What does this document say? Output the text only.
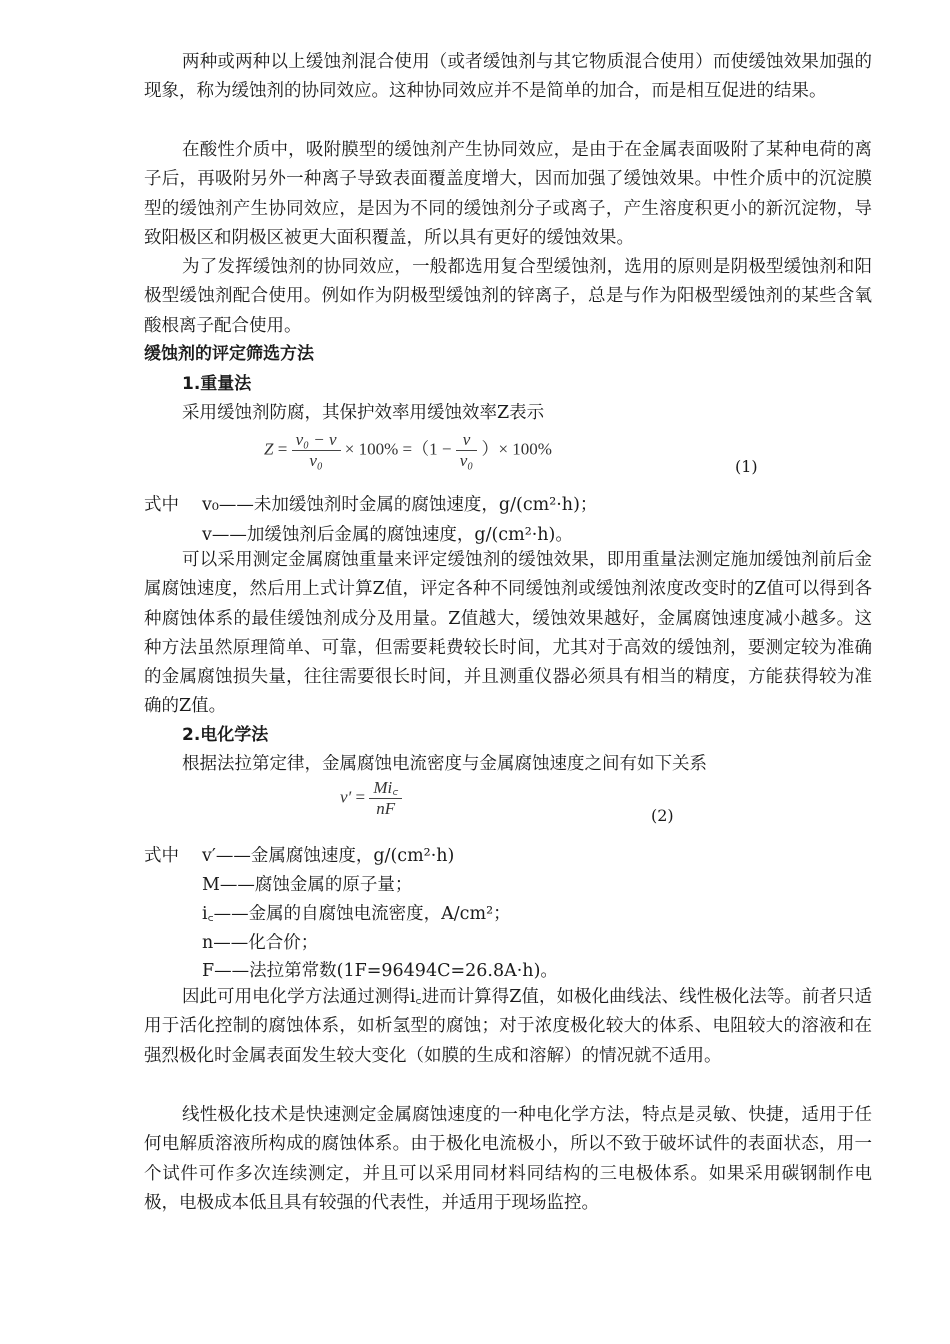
两种或两种以上缓蚀剂混合使用（或者缓蚀剂与其它物质混合使用）而使缓蚀效果加强的现象，称为缓蚀剂的协同效应。这种协同效应并不是简单的加合，而是相互促进的结果。
在酸性介质中，吸附膜型的缓蚀剂产生协同效应，是由于在金属表面吸附了某种电荷的离子后，再吸附另外一种离子导致表面覆盖度增大，因而加强了缓蚀效果。中性介质中的沉淀膜型的缓蚀剂产生协同效应，是因为不同的缓蚀剂分子或离子，产生溶度积更小的新沉淀物，导致阳极区和阴极区被更大面积覆盖，所以具有更好的缓蚀效果。
为了发挥缓蚀剂的协同效应，一般都选用复合型缓蚀剂，选用的原则是阴极型缓蚀剂和阳极型缓蚀剂配合使用。例如作为阴极型缓蚀剂的锌离子，总是与作为阳极型缓蚀剂的某些含氧酸根离子配合使用。
缓蚀剂的评定筛选方法
1.重量法
采用缓蚀剂防腐，其保护效率用缓蚀效率Z表示
$Z = \frac{\text{v₀ − v}}{\text{v₀}} \times 100\% =(1 - \frac{v}{\text{v₀}}$ ）× 100%
(1)
式中 v₀——未加缓蚀剂时金属的腐蚀速度，g/(cm²·h)；
v——加缓蚀剂后金属的腐蚀速度，g/(cm²·h)。
可以采用测定金属腐蚀重量来评定缓蚀剂的缓蚀效果，即用重量法测定施加缓蚀剂前后金属腐蚀速度，然后用上式计算Z值，评定各种不同缓蚀剂或缓蚀剂浓度改变时的Z值可以得到各种腐蚀体系的最佳缓蚀剂成分及用量。Z值越大，缓蚀效果越好，金属腐蚀速度减小越多。这种方法虽然原理简单、可靠，但需要耗费较长时间，尤其对于高效的缓蚀剂，要测定较为准确的金属腐蚀损失量，往往需要很长时间，并且测重仪器必须具有相当的精度，方能获得较为准确的Z值。
2.电化学法
根据法拉第定律，金属腐蚀电流密度与金属腐蚀速度之间有如下关系
$v' = \frac{Mi꜀}{nF}$	(2)
式中 v′——金属腐蚀速度，g/(cm²·h)
M——腐蚀金属的原子量；
i꜀——金属的自腐蚀电流密度，A/cm²；
n——化合价；
F——法拉第常数(1F=96494C=26.8A·h)。
因此可用电化学方法通过测得i꜀进而计算得Z值，如极化曲线法、线性极化法等。前者只适用于活化控制的腐蚀体系，如析氢型的腐蚀；对于浓度极化较大的体系、电阻较大的溶液和在强烈极化时金属表面发生较大变化（如膜的生成和溶解）的情况就不适用。
线性极化技术是快速测定金属腐蚀速度的一种电化学方法，特点是灵敏、快捷，适用于任何电解质溶液所构成的腐蚀体系。由于极化电流极小，所以不致于破坏试件的表面状态，用一个试件可作多次连续测定，并且可以采用同材料同结构的三电极体系。如果采用碳钢制作电极，电极成本低且具有较强的代表性，并适用于现场监控。
